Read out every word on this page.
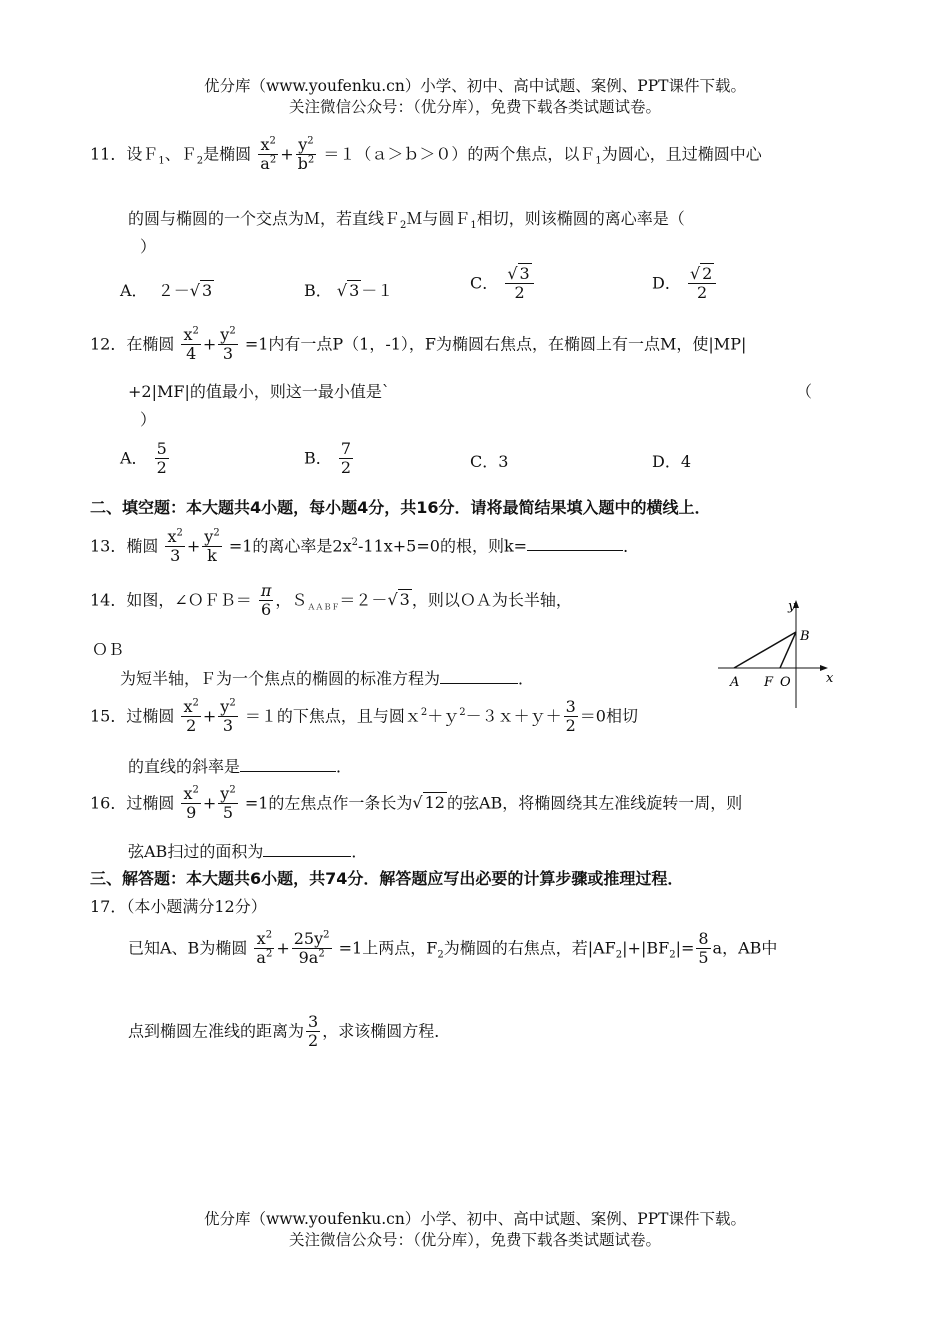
优分库（www.youfenku.cn）小学、初中、高中试题、案例、PPT课件下载。
关注微信公众号：（优分库），免费下载各类试题试卷。
11．设Ｆ$_1$、Ｆ$_2$是椭圆 $\frac{x^2}{a^2} + \frac{y^2}{b^2}$ ＝１（ａ＞ｂ＞０）的两个焦点，以Ｆ$_1$为圆心，且过椭圆中心
的圆与椭圆的一个交点为Ｍ，若直线Ｆ$_2$Ｍ与圆Ｆ$_1$相切，则该椭圆的离心率是（
）
A． ２－√ 3	B． √ 3 －１	C． $\frac{√ 3}{2}$	D． $\frac{√ 2}{2}$
12．在椭圆 $\frac{x^2}{4} + \frac{y^2}{3} =1$内有一点P（1，-1），F为椭圆右焦点，在椭圆上有一点M，使|MP|
+2|MF|的值最小，则这一最小值是`	（
）
A． $\frac{5}{2}$	B． $\frac{7}{2}$	C．3	D．4
二、填空题：本大题共4小题，每小题4分，共16分．请将最简结果填入题中的横线上．
13．椭圆 $\frac{x^2}{3} + \frac{y^2}{k} =1$的离心率是$2x^2-11x+5=0$的根，则k=	．
14．如图，∠ＯＦＢ＝ $\frac{\pi}{6}$ ，Ｓ$_{AABF}$＝２－√ 3 ，则以ＯＡ为长半轴，
ＯＢ
为短半轴，Ｆ为一个焦点的椭圆的标准方程为	．
y
B
A F O	x
15．过椭圆 $\frac{x^2}{2} + \frac{y^2}{3} =1$的下焦点，且与圆ｘ$^2$＋ｙ$^2$－３ｘ＋ｙ＋ $\frac{3}{2} =0$相切
的直线的斜率是	．
16．过椭圆 $\frac{x^2}{9} + \frac{y^2}{5} =1$的左焦点作一条长为√ 12 的弦AB，将椭圆绕其左准线旋转一周，则
弦AB扫过的面积为	．
三、解答题：本大题共6小题，共74分．解答题应写出必要的计算步骤或推理过程．
17．（本小题满分12分）
已知A、B为椭圆 $\frac{x^2}{a^2} + \frac{25y^2}{9a^2} =1$上两点，$F_2$为椭圆的右焦点，若$|AF_2|+|BF_2|= \frac{8}{5}$ a，AB中
点到椭圆左准线的距离为 $\frac{3}{2}$ ，求该椭圆方程．
优分库（www.youfenku.cn）小学、初中、高中试题、案例、PPT课件下载。
关注微信公众号：（优分库），免费下载各类试题试卷。
